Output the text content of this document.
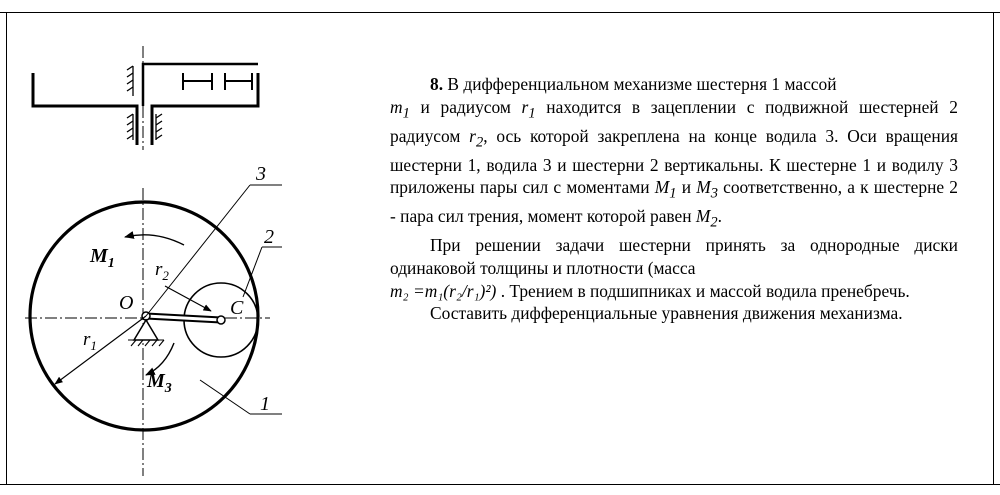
3
2
1
O	C
$r_1$
$r_2$
$M_1$
$M_3$

8. В дифференциальном механизме шестерня 1 массой
$m_1$ и радиусом $r_1$ находится в зацеплении с подвижной шестерней 2 радиусом $r_2$, ось которой закреплена на конце водила 3. Оси вращения шестерни 1, водила 3 и шестерни 2 вертикальны. К шестерне 1 и водилу 3 приложены пары сил с моментами $M_1$ и $M_3$ соответственно, а к шестерне 2 - пара сил трения, момент которой равен $M_2$.

При решении задачи шестерни принять за однородные диски одинаковой толщины и плотности (масса
m₂ =m₁(r₂/r₁)²) . Трением в подшипниках и массой водила пренебречь.

Составить дифференциальные уравнения движения механизма.
